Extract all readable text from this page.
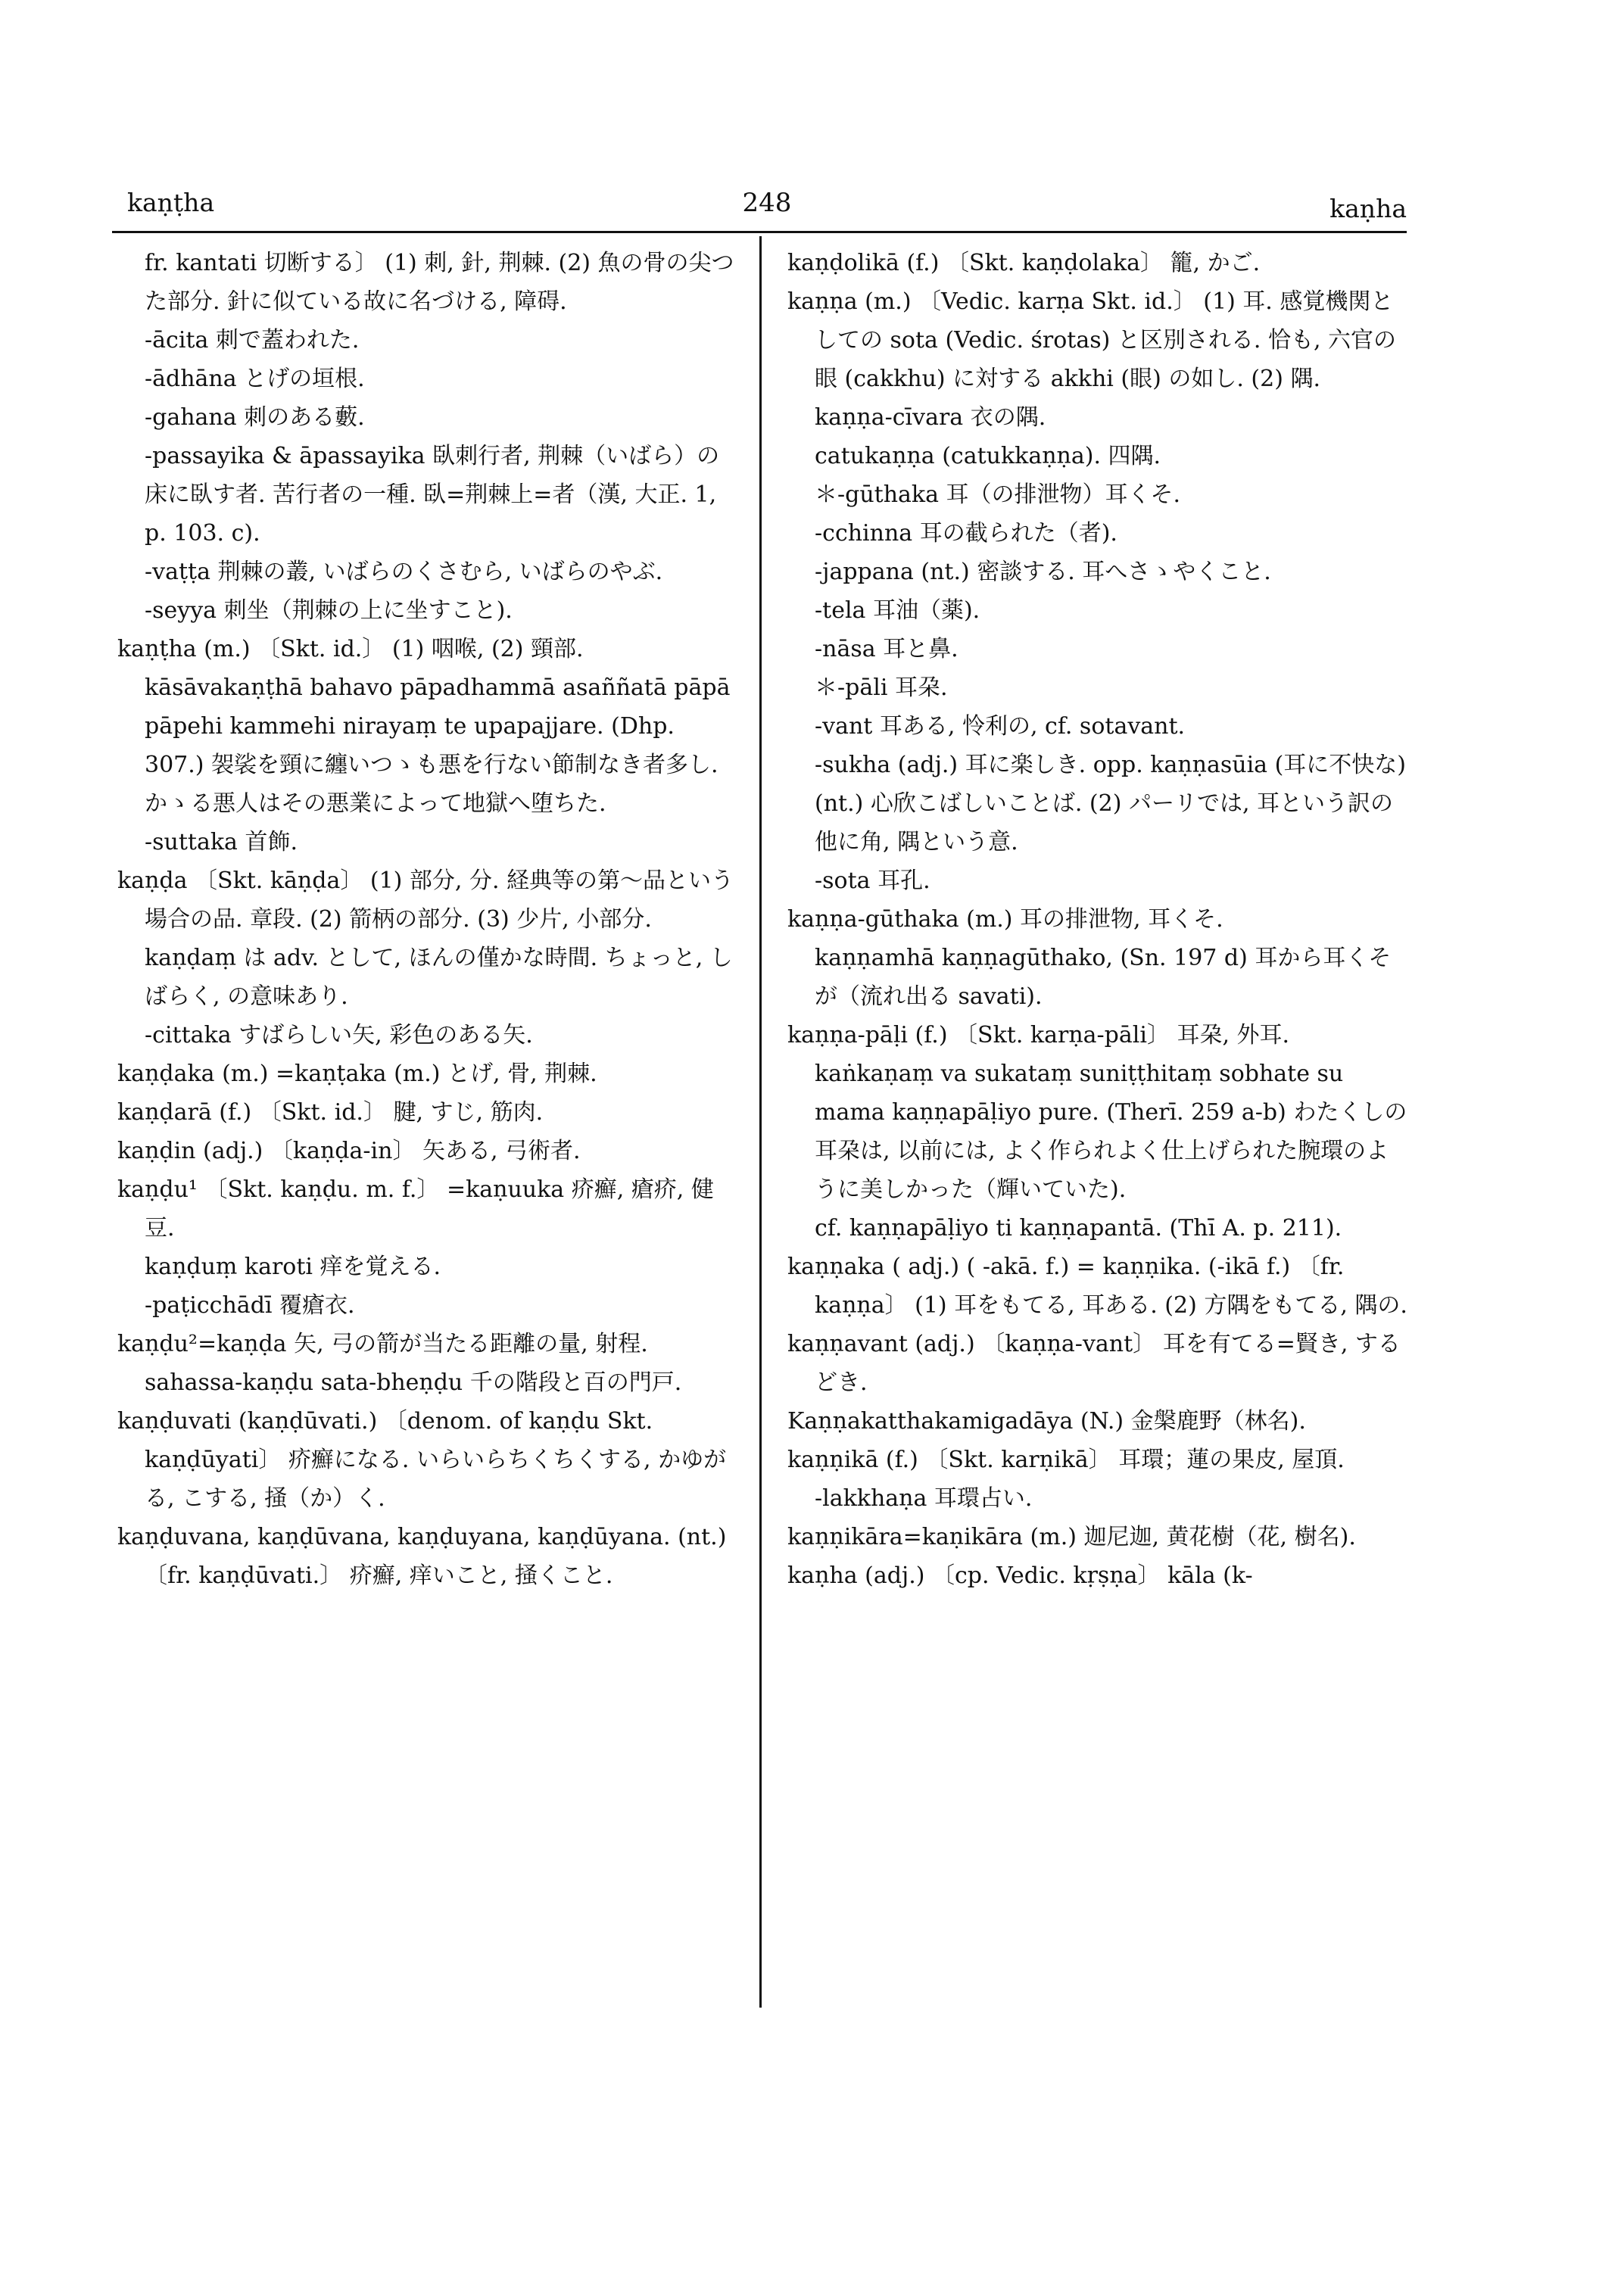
kaṇṭha	248	kaṇha

fr. kantati 切断する〕 (1) 刺, 針, 荆棘. (2) 魚の骨の尖つた部分. 針に似ている故に名づける, 障碍.

-ācita 刺で蓋われた.

-ādhāna とげの垣根.

-gahana 刺のある藪.

-passayika & āpassayika 臥刺行者, 荆棘（いばら）の床に臥す者. 苦行者の一種. 臥=荆棘上=者（漢, 大正. 1, p. 103. c).

-vaṭṭa 荆棘の叢, いばらのくさむら, いばらのやぶ.

-seyya 刺坐（荆棘の上に坐すこと).

kaṇṭha (m.) 〔Skt. id.〕 (1) 咽喉, (2) 頸部.

kāsāvakaṇṭhā bahavo pāpadhammā asaññatā pāpā pāpehi kammehi nirayaṃ te upapajjare. (Dhp. 307.) 袈裟を頸に纏いつゝも悪を行ない節制なき者多し. かゝる悪人はその悪業によって地獄へ堕ちた.

-suttaka 首飾.

kaṇḍa 〔Skt. kāṇḍa〕 (1) 部分, 分. 経典等の第〜品という場合の品. 章段. (2) 箭柄の部分. (3) 少片, 小部分. kaṇḍaṃ は adv. として, ほんの僅かな時間. ちょっと, しばらく, の意味あり.

-cittaka すばらしい矢, 彩色のある矢.

kaṇḍaka (m.) =kaṇṭaka (m.) とげ, 骨, 荆棘.

kaṇḍarā (f.) 〔Skt. id.〕 腱, すじ, 筋肉.

kaṇḍin (adj.) 〔kaṇḍa-in〕 矢ある, 弓術者.

kaṇḍu¹ 〔Skt. kaṇḍu. m. f.〕 =kaṇuuka 疥癬, 瘡疥, 健豆.

kaṇḍuṃ karoti 痒を覚える.

-paṭicchādī 覆瘡衣.

kaṇḍu²=kaṇḍa 矢, 弓の箭が当たる距離の量, 射程.

sahassa-kaṇḍu sata-bheṇḍu 千の階段と百の門戸.

kaṇḍuvati (kaṇḍūvati.) 〔denom. of kaṇḍu Skt. kaṇḍūyati〕 疥癬になる. いらいらちくちくする, かゆがる, こする, 掻（か）く.

kaṇḍuvana, kaṇḍūvana, kaṇḍuyana, kaṇḍūyana. (nt.) 〔fr. kaṇḍūvati.〕 疥癬, 痒いこと, 掻くこと.

kaṇḍolikā (f.) 〔Skt. kaṇḍolaka〕 籠, かご.

kaṇṇa (m.) 〔Vedic. karṇa Skt. id.〕 (1) 耳. 感覚機関としての sota (Vedic. śrotas) と区別される. 恰も, 六官の眼 (cakkhu) に対する akkhi (眼) の如し. (2) 隅.

kaṇṇa-cīvara 衣の隅.

catukaṇṇa (catukkaṇṇa). 四隅.

＊-gūthaka 耳（の排泄物）耳くそ.

-cchinna 耳の截られた（者).

-jappana (nt.) 密談する. 耳へさゝやくこと.

-tela 耳油（薬).

-nāsa 耳と鼻.

＊-pāli 耳朶.

-vant 耳ある, 怜利の, cf. sotavant.

-sukha (adj.) 耳に楽しき. opp. kaṇṇasūia (耳に不快な) (nt.) 心欣こばしいことば. (2) パーリでは, 耳という訳の他に角, 隅という意.

-sota 耳孔.

kaṇṇa-gūthaka (m.) 耳の排泄物, 耳くそ.

kaṇṇamhā kaṇṇagūthako, (Sn. 197 d) 耳から耳くそが（流れ出る savati).

kaṇṇa-pāḷi (f.) 〔Skt. karṇa-pāli〕 耳朶, 外耳.

kaṅkaṇaṃ va sukataṃ suniṭṭhitaṃ sobhate su mama kaṇṇapāḷiyo pure. (Therī. 259 a-b) わたくしの耳朶は, 以前には, よく作られよく仕上げられた腕環のように美しかった（輝いていた).

cf. kaṇṇapāḷiyo ti kaṇṇapantā. (Thī A. p. 211).

kaṇṇaka ( adj.) ( -akā. f.) = kaṇṇika. (-ikā f.) 〔fr. kaṇṇa〕 (1) 耳をもてる, 耳ある. (2) 方隅をもてる, 隅の.

kaṇṇavant (adj.) 〔kaṇṇa-vant〕 耳を有てる=賢き, するどき.

Kaṇṇakatthakamigadāya (N.) 金槃鹿野（林名).

kaṇṇikā (f.) 〔Skt. karṇikā〕 耳環；蓮の果皮, 屋頂.

-lakkhaṇa 耳環占い.

kaṇṇikāra=kaṇikāra (m.) 迦尼迦, 黄花樹（花, 樹名).

kaṇha (adj.) 〔cp. Vedic. kṛṣṇa〕 kāla (k-
